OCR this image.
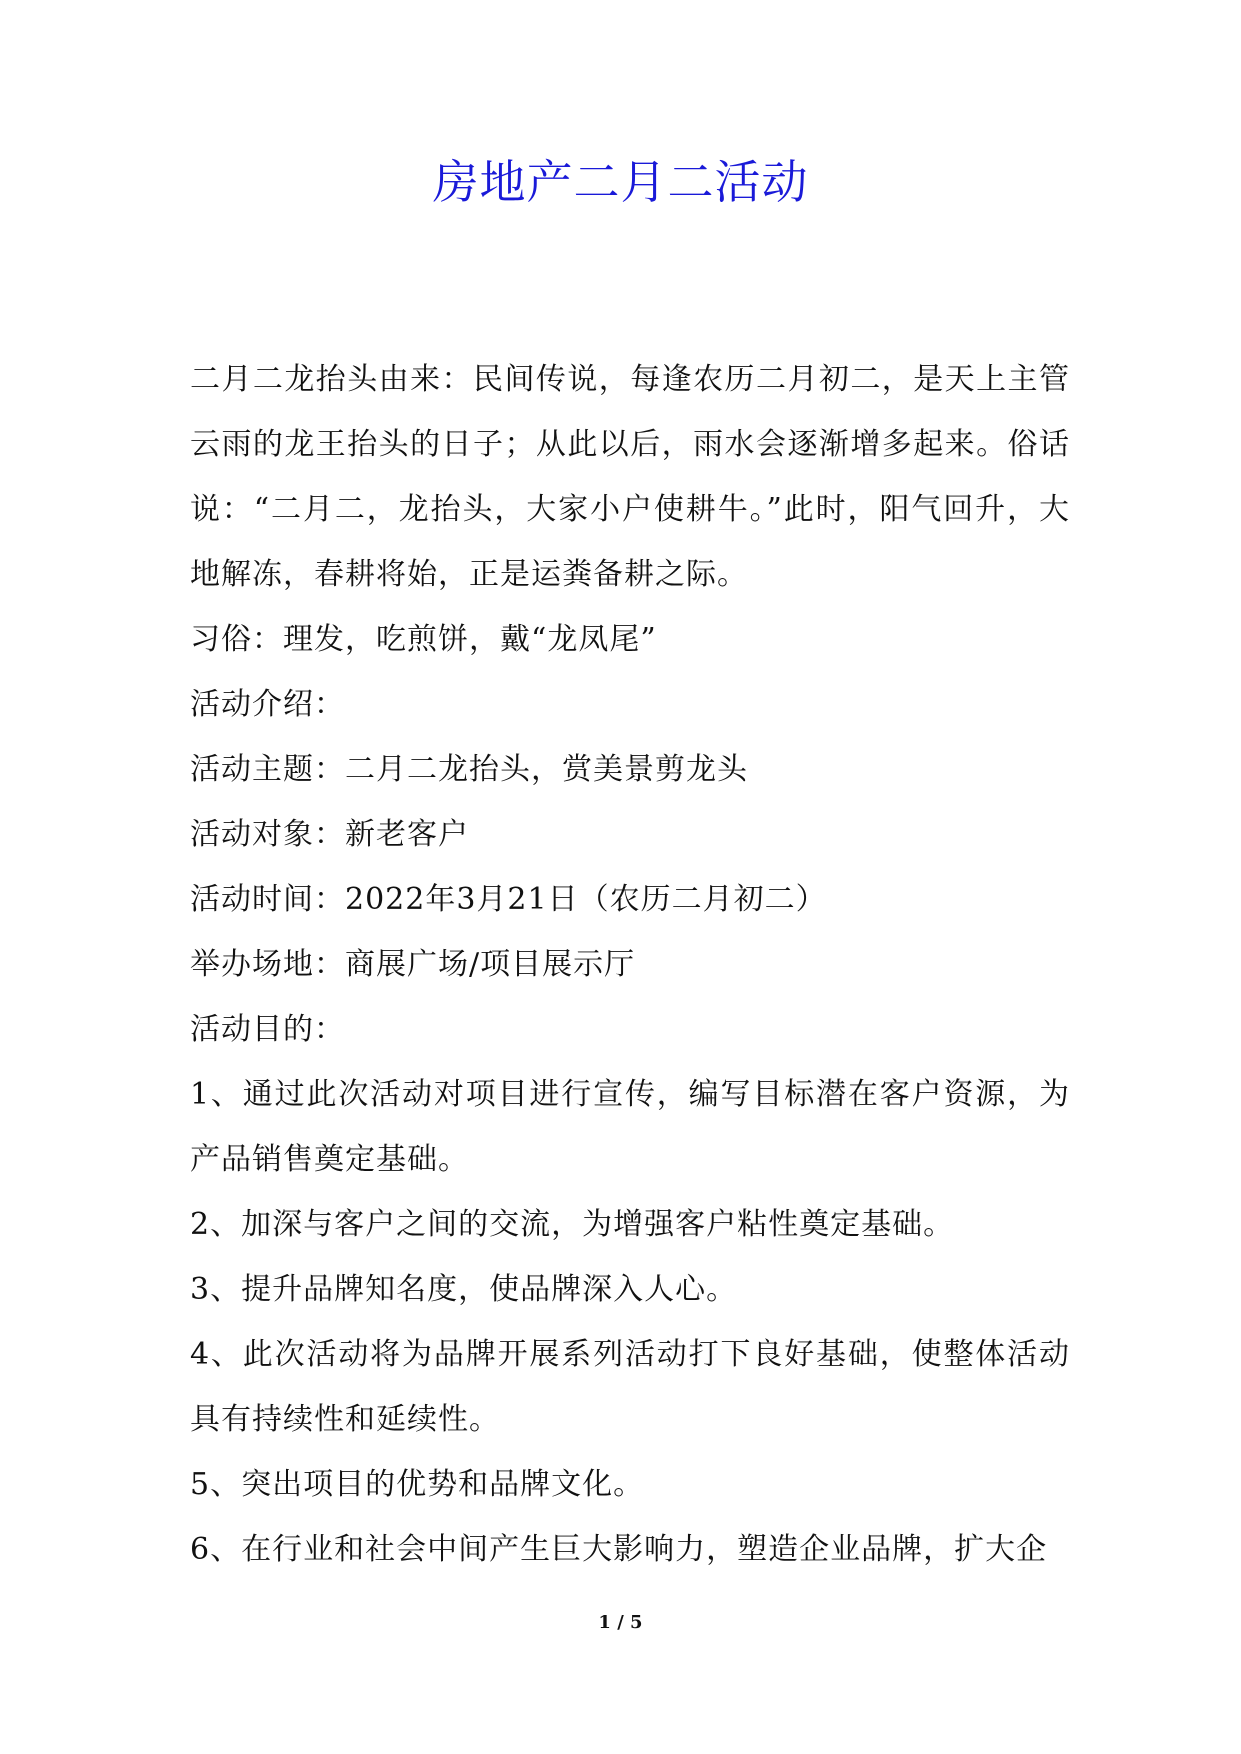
房地产二月二活动

二月二龙抬头由来：民间传说，每逢农历二月初二，是天上主管云雨的龙王抬头的日子；从此以后，雨水会逐渐增多起来。俗话说：“二月二，龙抬头，大家小户使耕牛。”此时，阳气回升，大地解冻，春耕将始，正是运粪备耕之际。

习俗：理发，吃煎饼，戴“龙凤尾”

活动介绍：

活动主题：二月二龙抬头，赏美景剪龙头

活动对象：新老客户

活动时间：2022年3月21日（农历二月初二）

举办场地：商展广场/项目展示厅

活动目的：

1、通过此次活动对项目进行宣传，编写目标潜在客户资源，为产品销售奠定基础。

2、加深与客户之间的交流，为增强客户粘性奠定基础。

3、提升品牌知名度，使品牌深入人心。

4、此次活动将为品牌开展系列活动打下良好基础，使整体活动具有持续性和延续性。

5、突出项目的优势和品牌文化。

6、在行业和社会中间产生巨大影响力，塑造企业品牌，扩大企

1 / 5
